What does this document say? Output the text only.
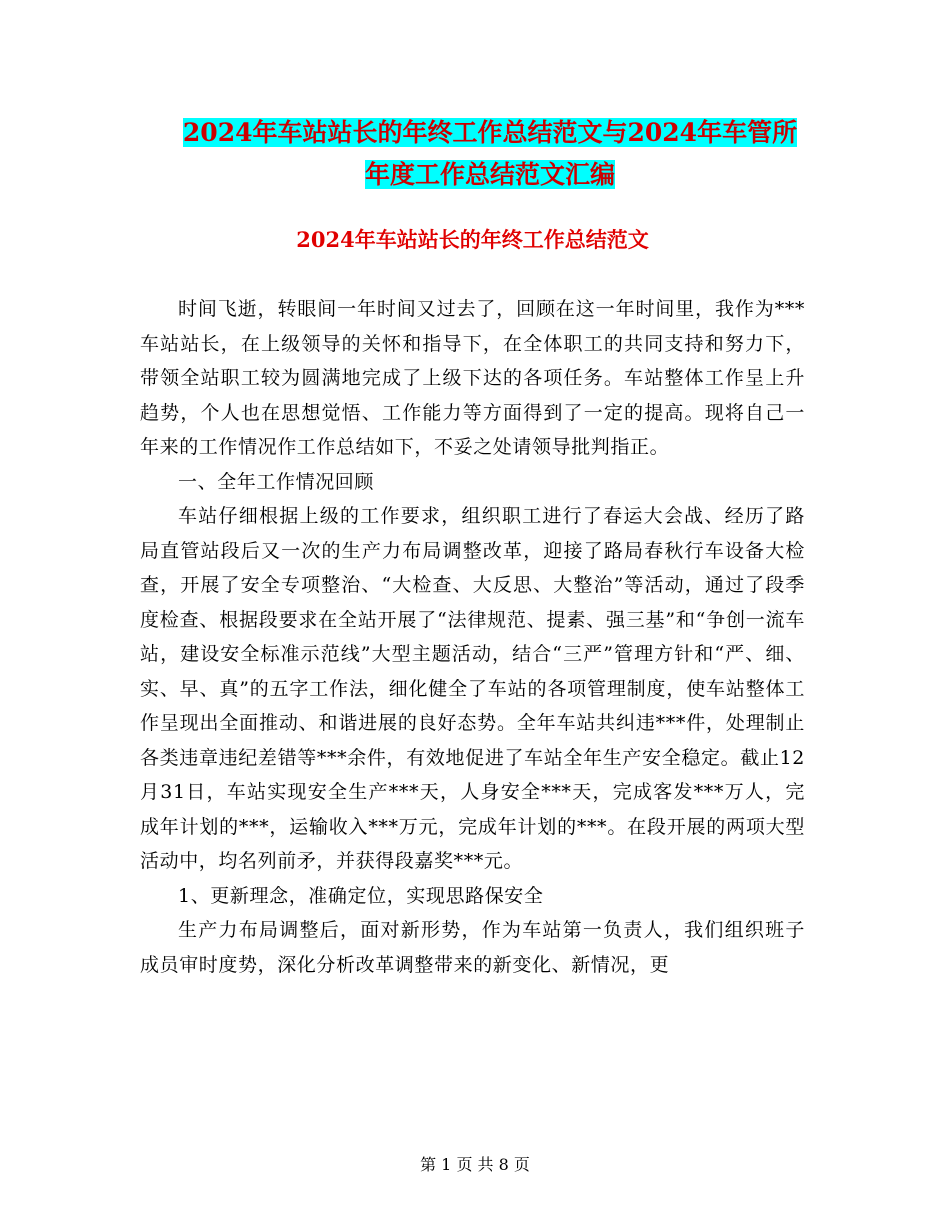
2024年车站站长的年终工作总结范文与2024年车管所
年度工作总结范文汇编
2024年车站站长的年终工作总结范文

时间飞逝，转眼间一年时间又过去了，回顾在这一年时间里，我作为***车站站长，在上级领导的关怀和指导下，在全体职工的共同支持和努力下，带领全站职工较为圆满地完成了上级下达的各项任务。车站整体工作呈上升趋势，个人也在思想觉悟、工作能力等方面得到了一定的提高。现将自己一年来的工作情况作工作总结如下，不妥之处请领导批判指正。

一、全年工作情况回顾

车站仔细根据上级的工作要求，组织职工进行了春运大会战、经历了路局直管站段后又一次的生产力布局调整改革，迎接了路局春秋行车设备大检查，开展了安全专项整治、“大检查、大反思、大整治”等活动，通过了段季度检查、根据段要求在全站开展了“法律规范、提素、强三基”和“争创一流车站，建设安全标准示范线”大型主题活动，结合“三严”管理方针和“严、细、实、早、真”的五字工作法，细化健全了车站的各项管理制度，使车站整体工作呈现出全面推动、和谐进展的良好态势。全年车站共纠违***件，处理制止各类违章违纪差错等***余件，有效地促进了车站全年生产安全稳定。截止12月31日，车站实现安全生产***天，人身安全***天，完成客发***万人，完成年计划的***，运输收入***万元，完成年计划的***。在段开展的两项大型活动中，均名列前矛，并获得段嘉奖***元。

1、更新理念，准确定位，实现思路保安全

生产力布局调整后，面对新形势，作为车站第一负责人，我们组织班子成员审时度势，深化分析改革调整带来的新变化、新情况，更

第 1 页 共 8 页
